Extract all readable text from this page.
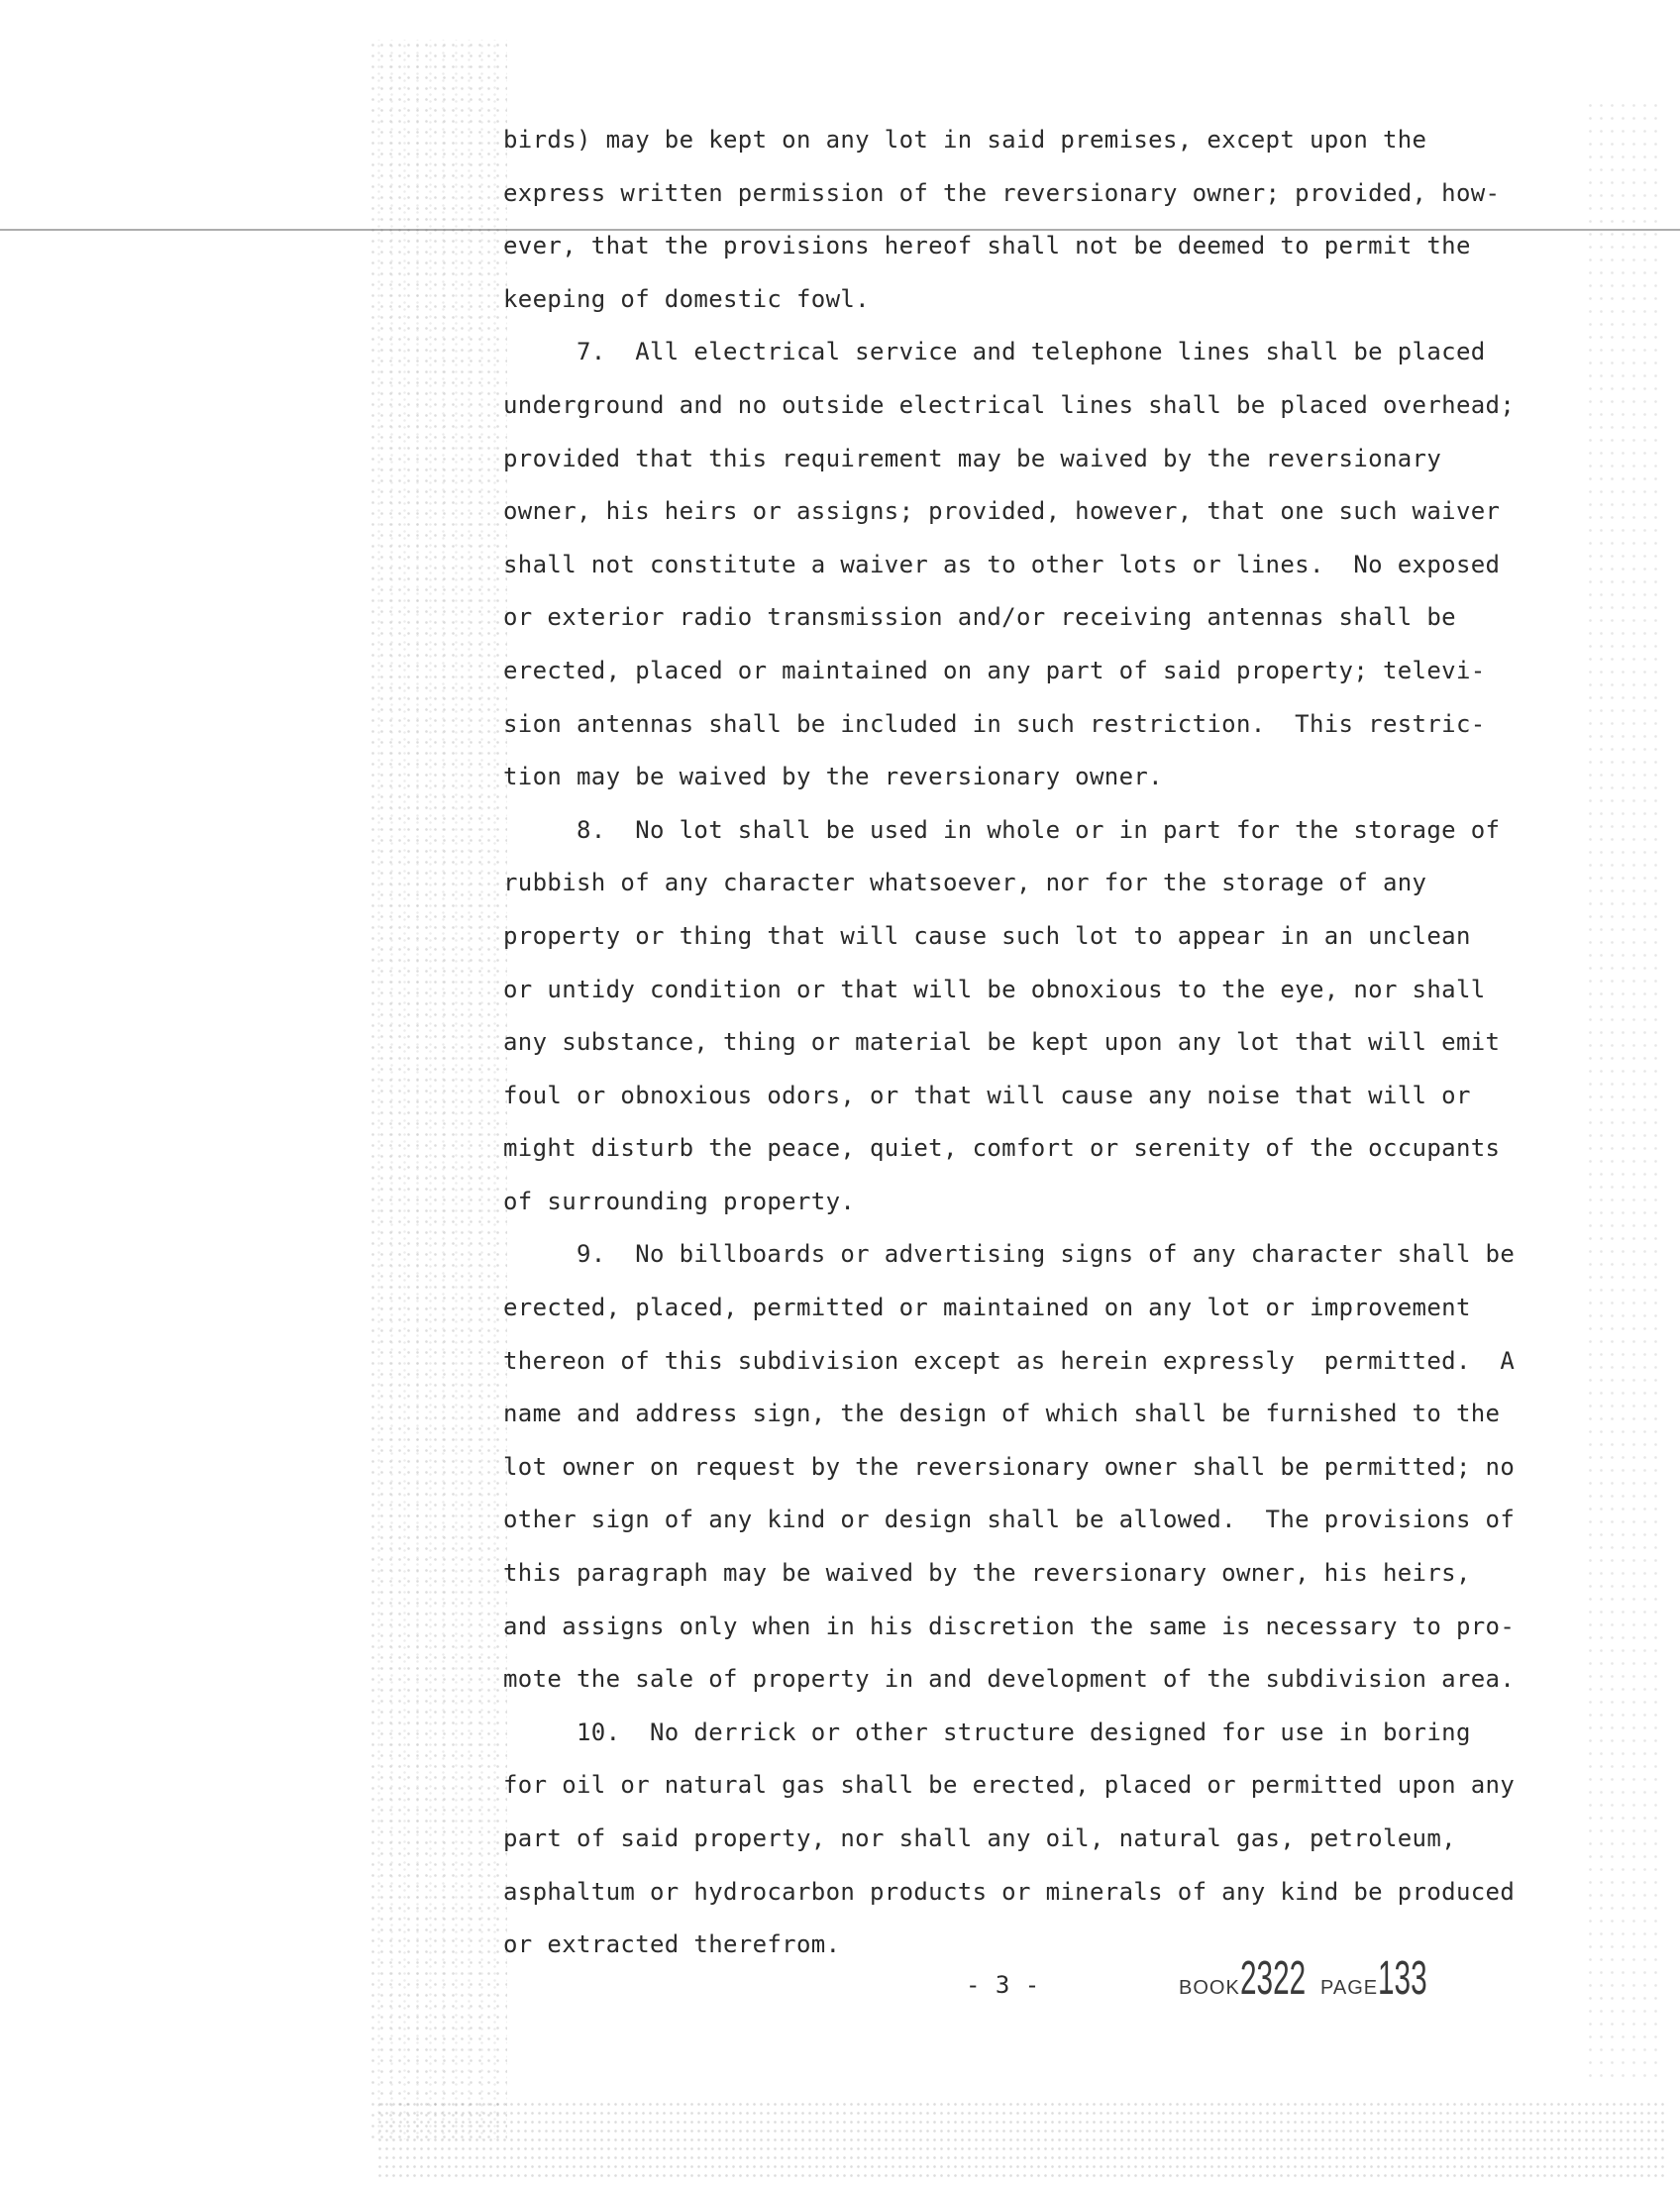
birds) may be kept on any lot in said premises, except upon the
express written permission of the reversionary owner; provided, how-
ever, that the provisions hereof shall not be deemed to permit the
keeping of domestic fowl.
7.  All electrical service and telephone lines shall be placed
underground and no outside electrical lines shall be placed overhead;
provided that this requirement may be waived by the reversionary
owner, his heirs or assigns; provided, however, that one such waiver
shall not constitute a waiver as to other lots or lines.  No exposed
or exterior radio transmission and/or receiving antennas shall be
erected, placed or maintained on any part of said property; televi-
sion antennas shall be included in such restriction.  This restric-
tion may be waived by the reversionary owner.
8.  No lot shall be used in whole or in part for the storage of
rubbish of any character whatsoever, nor for the storage of any
property or thing that will cause such lot to appear in an unclean
or untidy condition or that will be obnoxious to the eye, nor shall
any substance, thing or material be kept upon any lot that will emit
foul or obnoxious odors, or that will cause any noise that will or
might disturb the peace, quiet, comfort or serenity of the occupants
of surrounding property.
9.  No billboards or advertising signs of any character shall be
erected, placed, permitted or maintained on any lot or improvement
thereon of this subdivision except as herein expressly  permitted.  A
name and address sign, the design of which shall be furnished to the
lot owner on request by the reversionary owner shall be permitted; no
other sign of any kind or design shall be allowed.  The provisions of
this paragraph may be waived by the reversionary owner, his heirs,
and assigns only when in his discretion the same is necessary to pro-
mote the sale of property in and development of the subdivision area.
10.  No derrick or other structure designed for use in boring
for oil or natural gas shall be erected, placed or permitted upon any
part of said property, nor shall any oil, natural gas, petroleum,
asphaltum or hydrocarbon products or minerals of any kind be produced
or extracted therefrom.
- 3 -	BOOK2322 PAGE133
